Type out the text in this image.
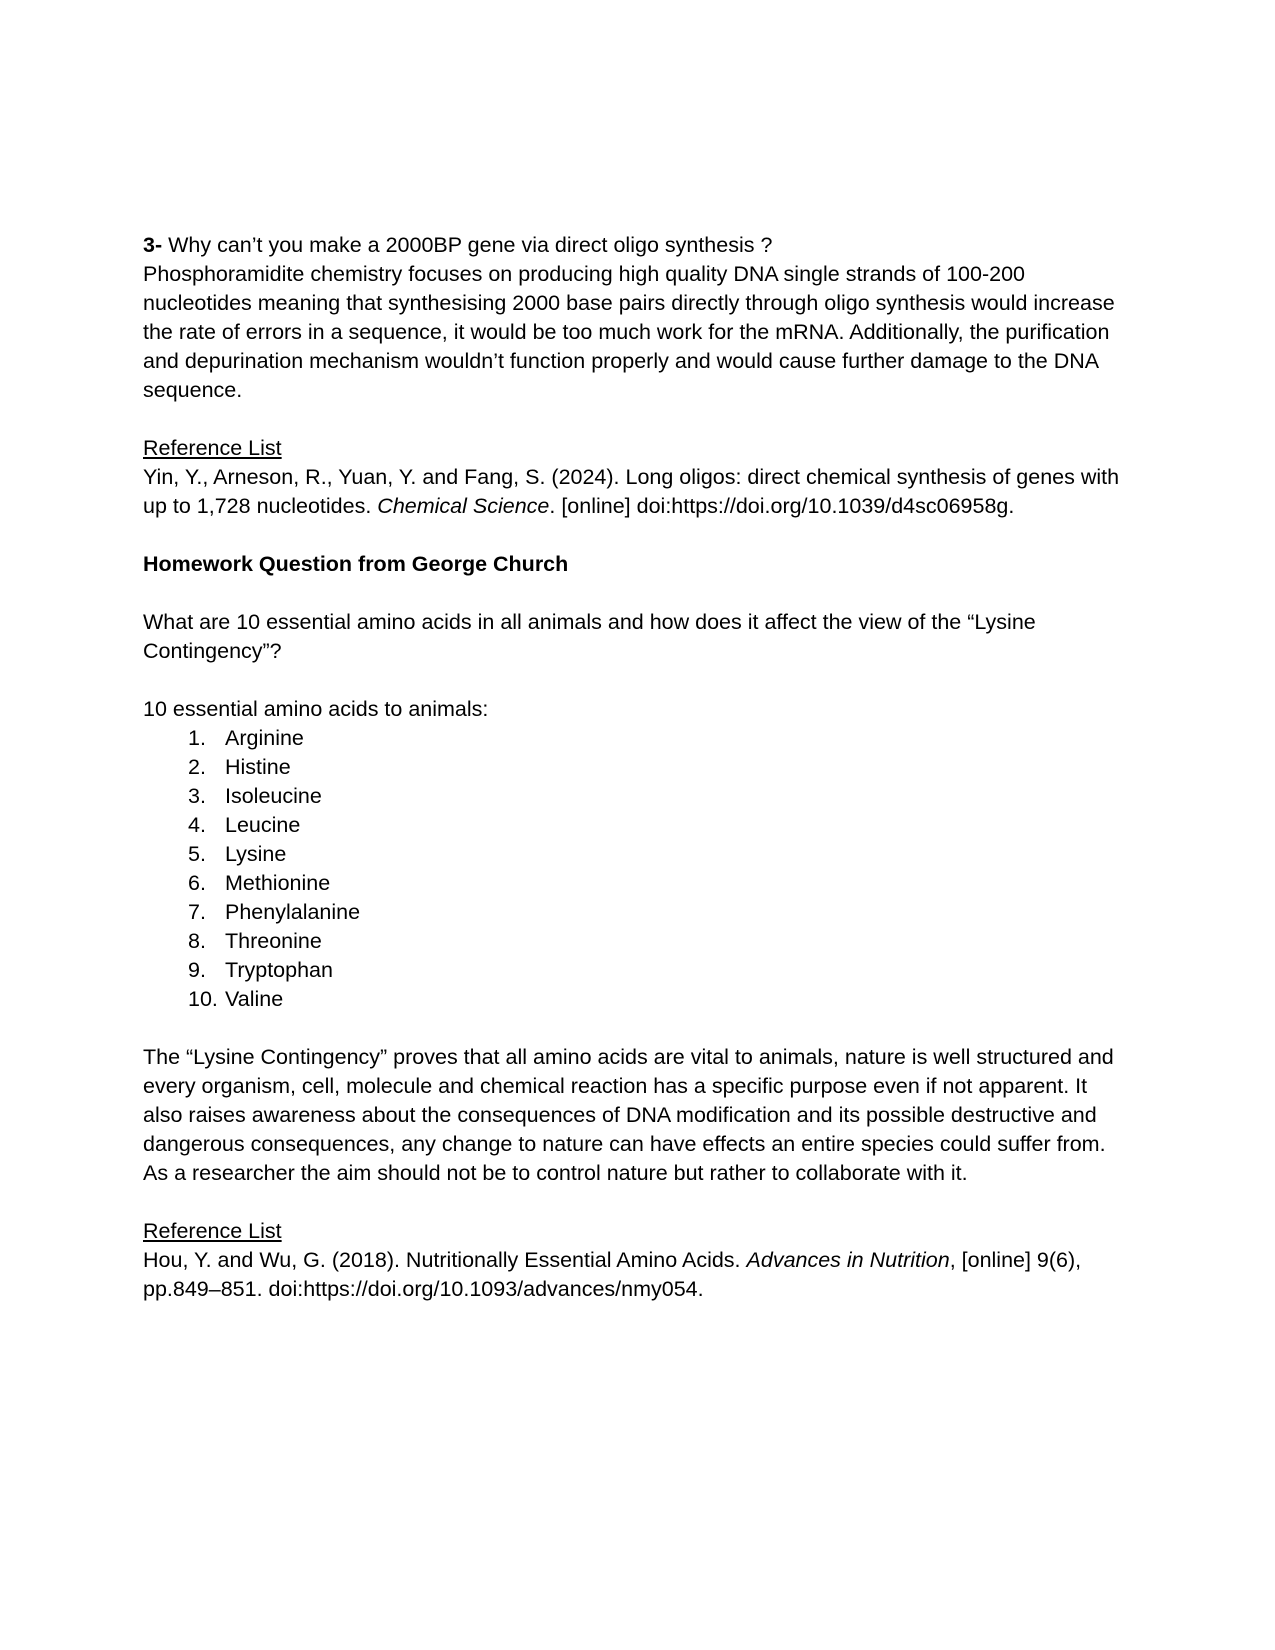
3- Why can’t you make a 2000BP gene via direct oligo synthesis ?

Phosphoramidite chemistry focuses on producing high quality DNA single strands of 100-200 nucleotides meaning that synthesising 2000 base pairs directly through oligo synthesis would increase the rate of errors in a sequence, it would be too much work for the mRNA. Additionally, the purification and depurination mechanism wouldn’t function properly and would cause further damage to the DNA sequence.

Reference List

Yin, Y., Arneson, R., Yuan, Y. and Fang, S. (2024). Long oligos: direct chemical synthesis of genes with up to 1,728 nucleotides. Chemical Science. [online] doi:https://doi.org/10.1039/d4sc06958g.

Homework Question from George Church

What are 10 essential amino acids in all animals and how does it affect the view of the “Lysine Contingency”?

10 essential amino acids to animals:

1. Arginine
2. Histine
3. Isoleucine
4. Leucine
5. Lysine
6. Methionine
7. Phenylalanine
8. Threonine
9. Tryptophan
10. Valine

The “Lysine Contingency” proves that all amino acids are vital to animals, nature is well structured and every organism, cell, molecule and chemical reaction has a specific purpose even if not apparent. It also raises awareness about the consequences of DNA modification and its possible destructive and dangerous consequences, any change to nature can have effects an entire species could suffer from. As a researcher the aim should not be to control nature but rather to collaborate with it.

Reference List

Hou, Y. and Wu, G. (2018). Nutritionally Essential Amino Acids. Advances in Nutrition, [online] 9(6), pp.849–851. doi:https://doi.org/10.1093/advances/nmy054.
